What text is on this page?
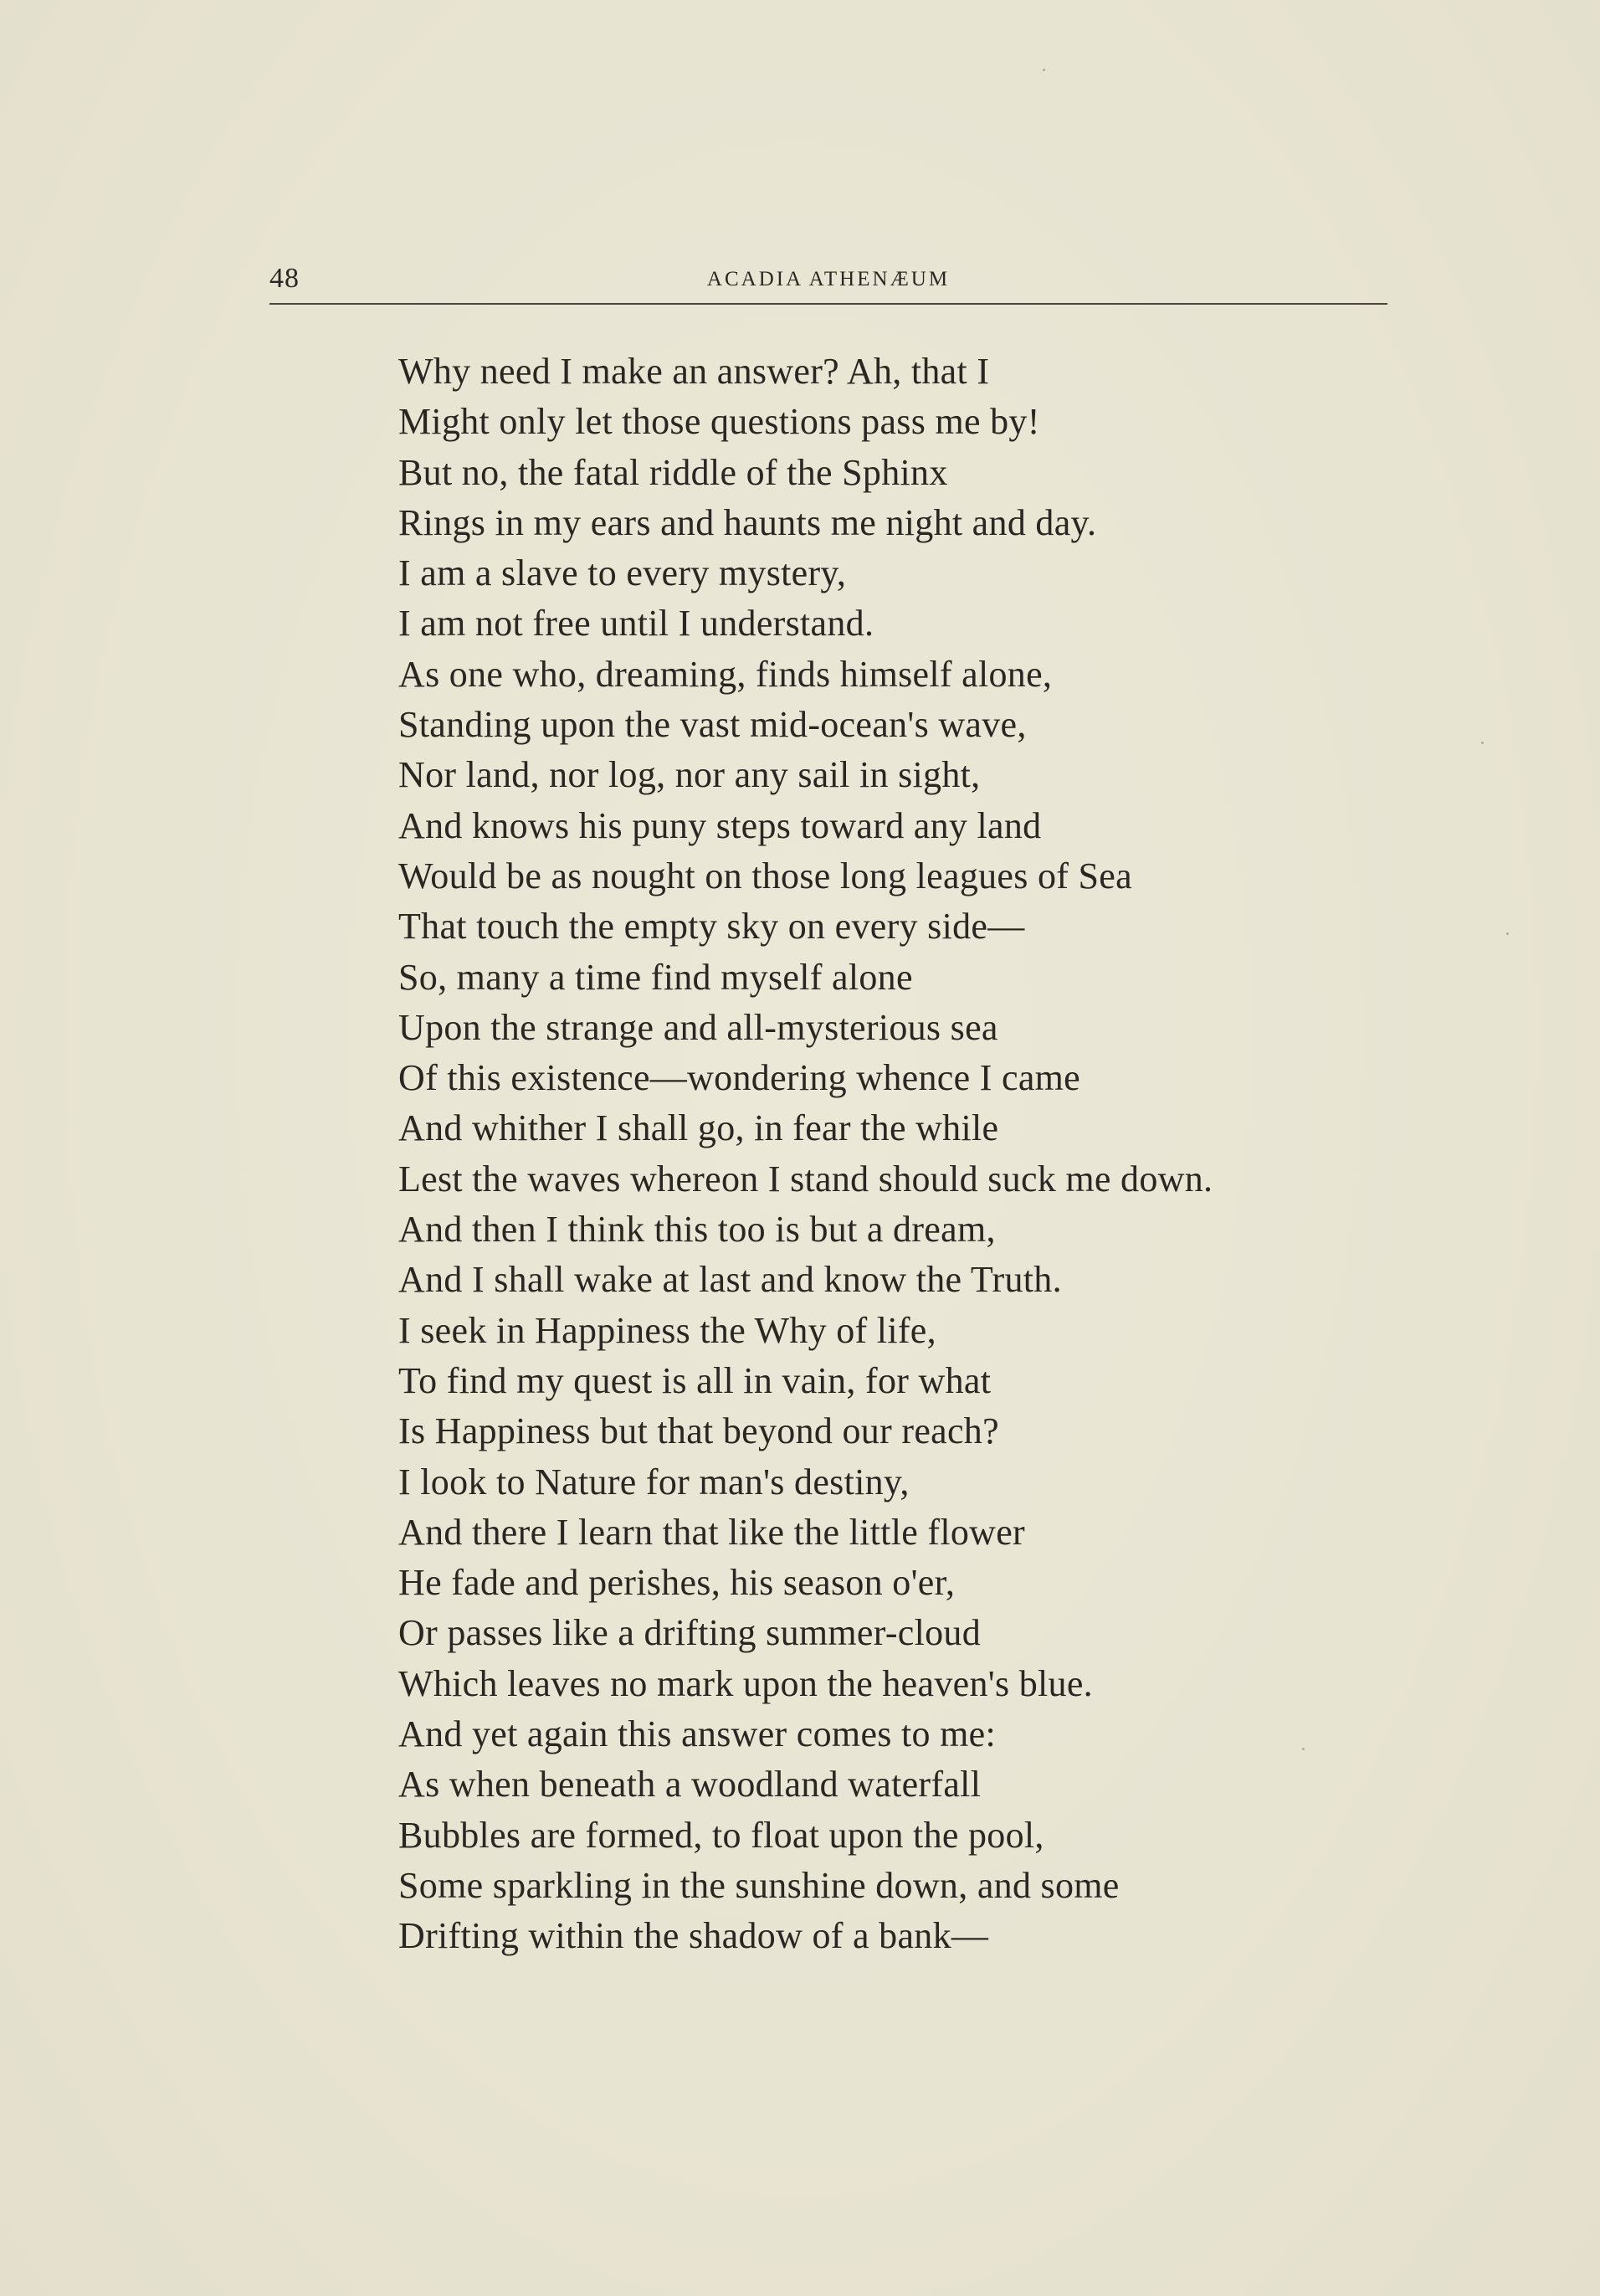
48	ACADIA ATHENÆUM
Why need I make an answer? Ah, that I
Might only let those questions pass me by!
But no, the fatal riddle of the Sphinx
Rings in my ears and haunts me night and day.
I am a slave to every mystery,
I am not free until I understand.
As one who, dreaming, finds himself alone,
Standing upon the vast mid-ocean's wave,
Nor land, nor log, nor any sail in sight,
And knows his puny steps toward any land
Would be as nought on those long leagues of Sea
That touch the empty sky on every side—
So, many a time find myself alone
Upon the strange and all-mysterious sea
Of this existence—wondering whence I came
And whither I shall go, in fear the while
Lest the waves whereon I stand should suck me down.
And then I think this too is but a dream,
And I shall wake at last and know the Truth.
I seek in Happiness the Why of life,
To find my quest is all in vain, for what
Is Happiness but that beyond our reach?
I look to Nature for man's destiny,
And there I learn that like the little flower
He fade and perishes, his season o'er,
Or passes like a drifting summer-cloud
Which leaves no mark upon the heaven's blue.
And yet again this answer comes to me:
As when beneath a woodland waterfall
Bubbles are formed, to float upon the pool,
Some sparkling in the sunshine down, and some
Drifting within the shadow of a bank—
